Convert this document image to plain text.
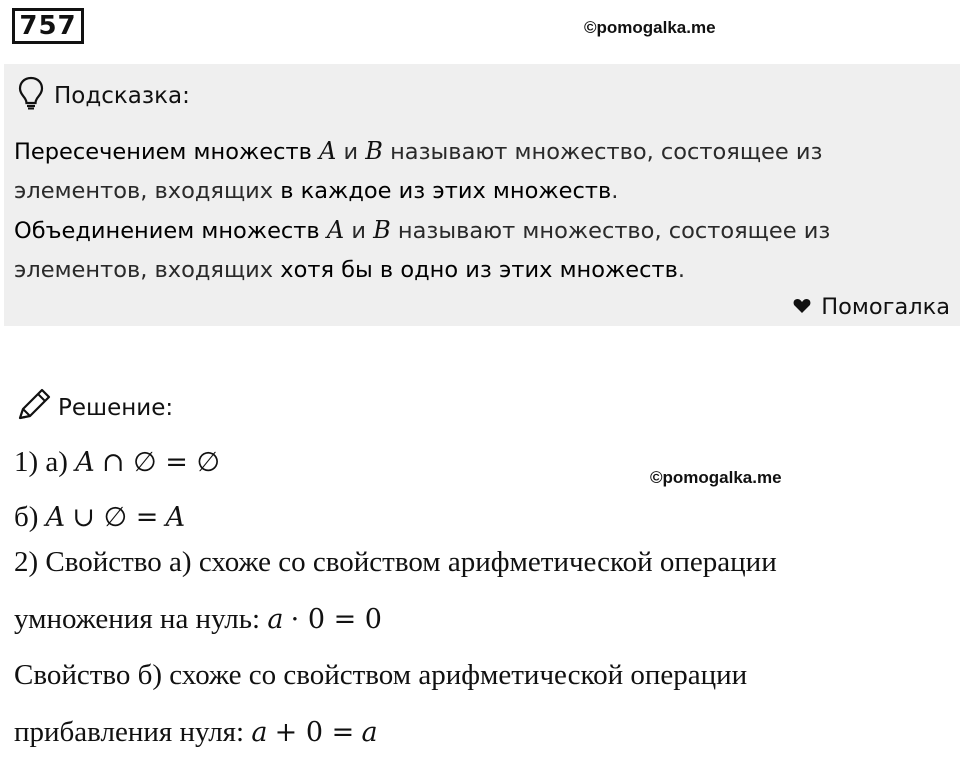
757	©pomogalka.me
Подсказка:
Пересечением множеств A и B называют множество, состоящее из
элементов, входящих в каждое из этих множеств.
Объединением множеств A и B называют множество, состоящее из
элементов, входящих хотя бы в одно из этих множеств.
Помогалка
Решение:
1) а) A ∩ ∅ = ∅	©pomogalka.me
б) A ∪ ∅ = A
2) Свойство а) схоже со свойством арифметической операции
умножения на нуль: a · 0 = 0
Свойство б) схоже со свойством арифметической операции
прибавления нуля: a + 0 = a
